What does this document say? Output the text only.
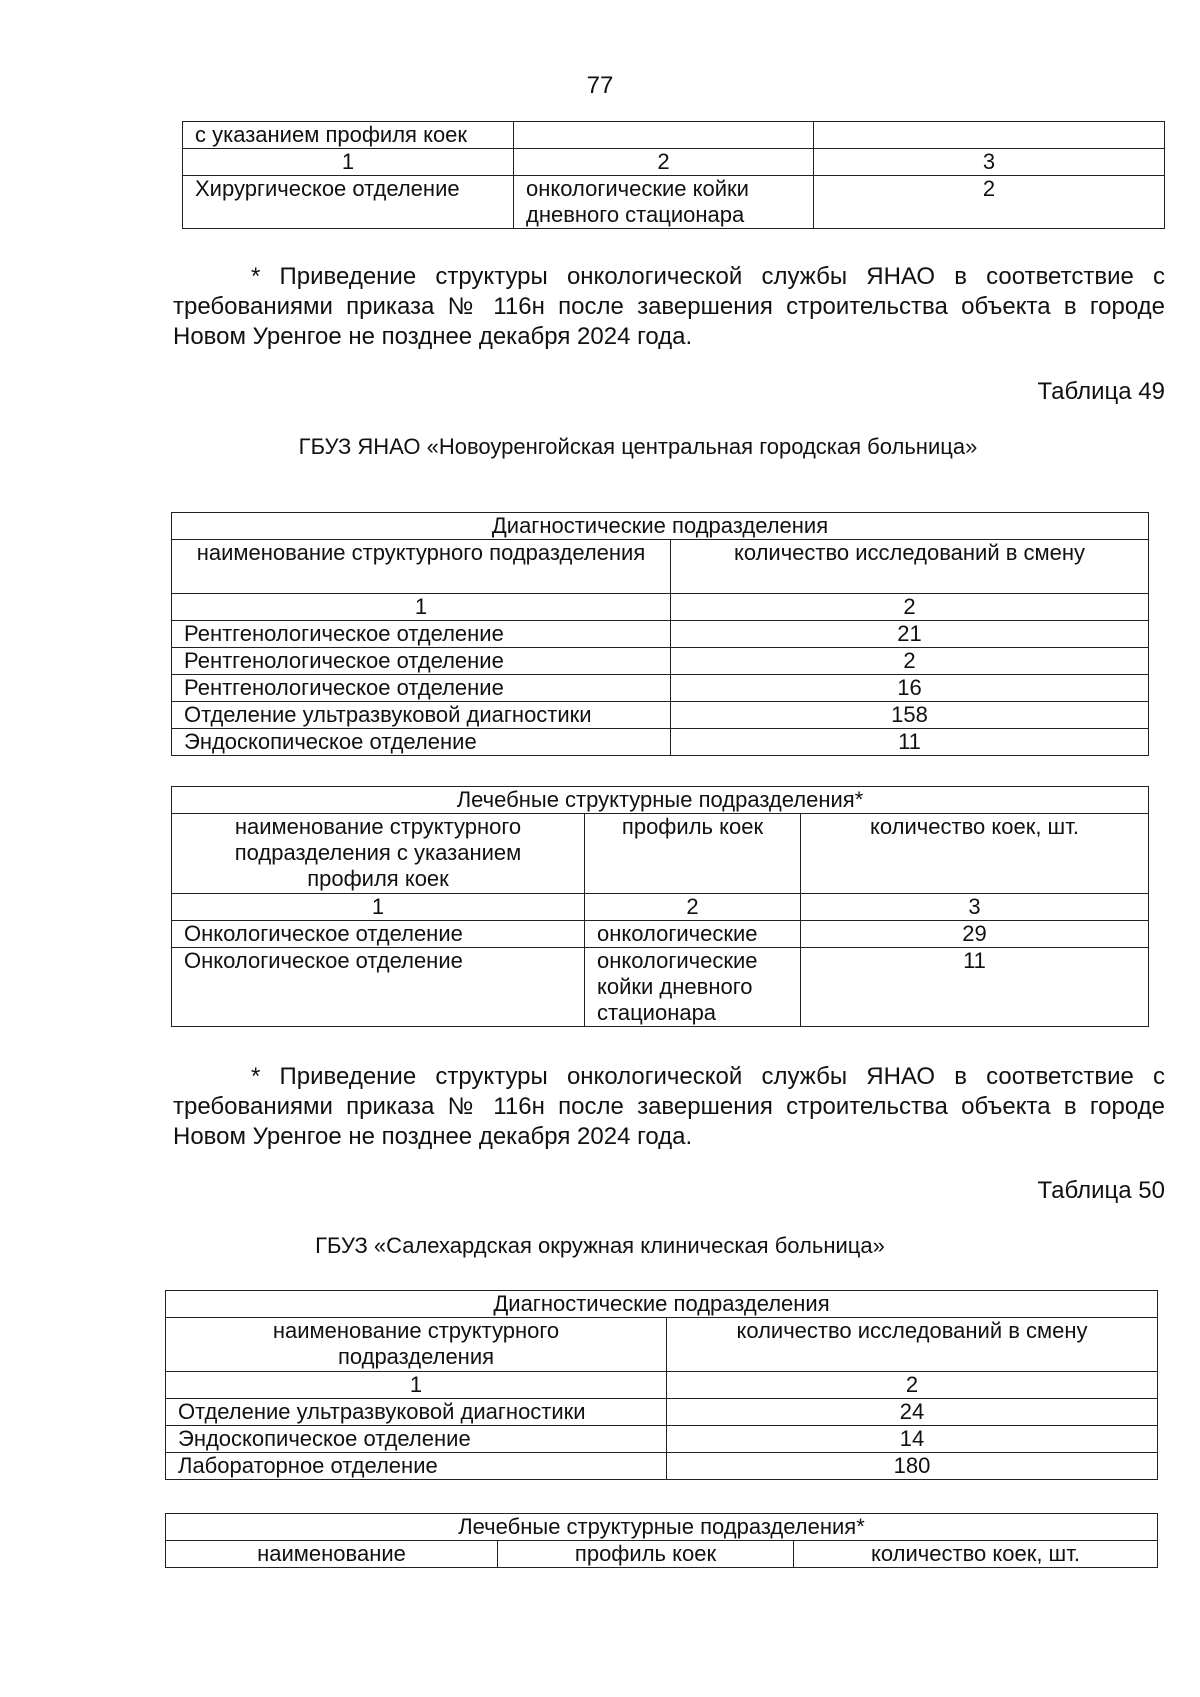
77
с указанием профиля коек		
1	2	3
Хирургическое отделение	онкологические койки дневного стационара	2
* Приведение структуры онкологической службы ЯНАО в соответствие с требованиями приказа № 116н после завершения строительства объекта в городе Новом Уренгое не позднее декабря 2024 года.
Таблица 49
ГБУЗ ЯНАО «Новоуренгойская центральная городская больница»
Диагностические подразделения	
наименование структурного подразделения	количество исследований в смену
1	2
Рентгенологическое отделение	21
Рентгенологическое отделение	2
Рентгенологическое отделение	16
Отделение ультразвуковой диагностики	158
Эндоскопическое отделение	11
Лечебные структурные подразделения*		
наименование структурного подразделения с указанием профиля коек	профиль коек	количество коек, шт.
1	2	3
Онкологическое отделение	онкологические	29
Онкологическое отделение	онкологические койки дневного стационара	11
* Приведение структуры онкологической службы ЯНАО в соответствие с требованиями приказа № 116н после завершения строительства объекта в городе Новом Уренгое не позднее декабря 2024 года.
Таблица 50
ГБУЗ «Салехардская окружная клиническая больница»
Диагностические подразделения	
наименование структурного подразделения	количество исследований в смену
1	2
Отделение ультразвуковой диагностики	24
Эндоскопическое отделение	14
Лабораторное отделение	180
Лечебные структурные подразделения*
наименование	профиль коек	количество коек, шт.
